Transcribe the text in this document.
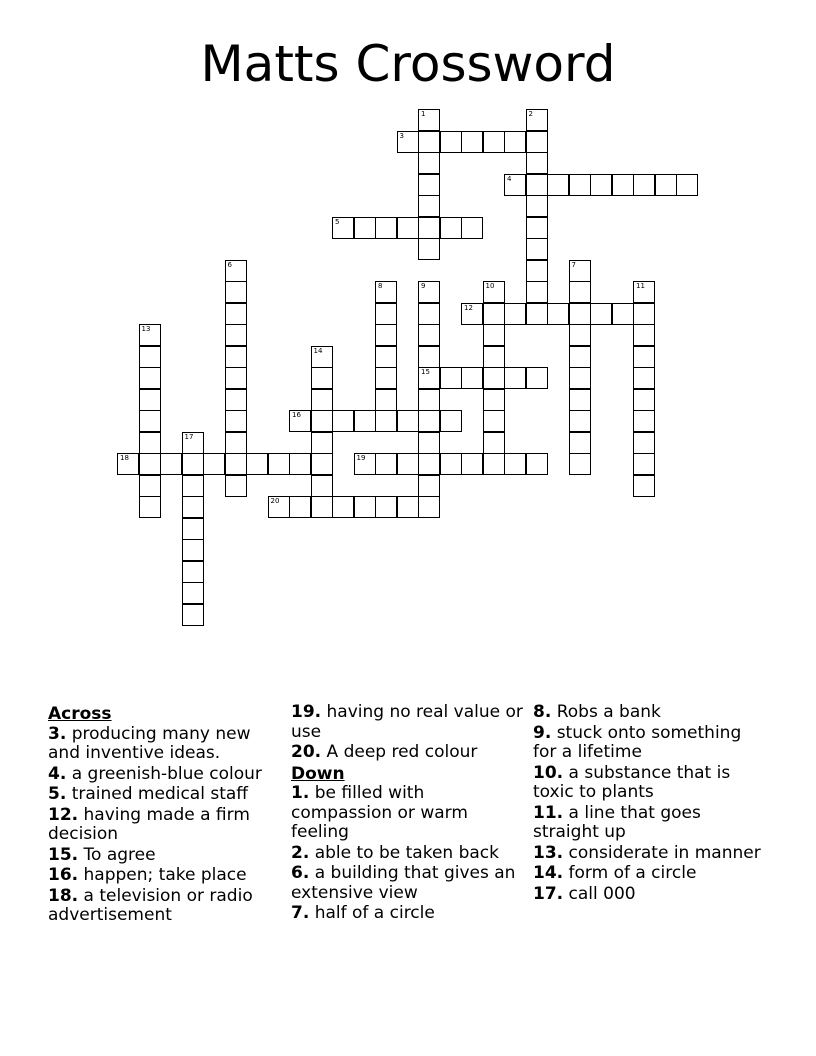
Matts Crossword
1	2
3
4
5
6	7
8	9
15
10	11
12
13
14
16
17
18	19
20
Across
3. producing many new and inventive ideas.
4. a greenish-blue colour
5. trained medical staff
12. having made a firm decision
15. To agree
16. happen; take place
18. a television or radio advertisement
19. having no real value or use
20. A deep red colour
Down
1. be filled with compassion or warm feeling
2. able to be taken back
6. a building that gives an extensive view
7. half of a circle
8. Robs a bank
9. stuck onto something for a lifetime
10. a substance that is toxic to plants
11. a line that goes straight up
13. considerate in manner
14. form of a circle
17. call 000
